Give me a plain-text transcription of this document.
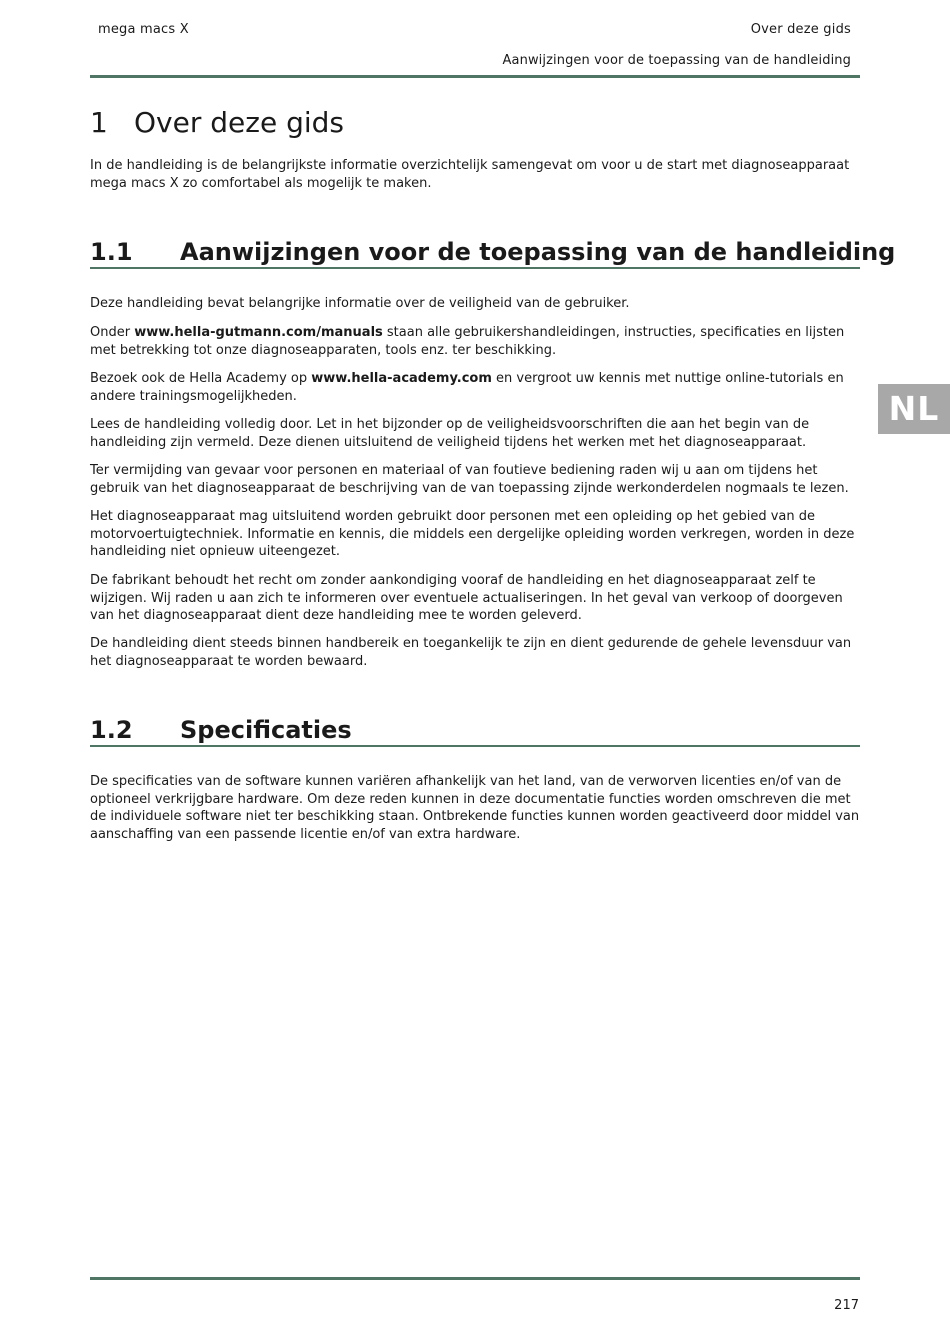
mega macs X	Over deze gids
Aanwijzingen voor de toepassing van de handleiding
1 Over deze gids

In de handleiding is de belangrijkste informatie overzichtelijk samengevat om voor u de start met diagnoseapparaat mega macs X zo comfortabel als mogelijk te maken.

1.1 Aanwijzingen voor de toepassing van de handleiding

Deze handleiding bevat belangrijke informatie over de veiligheid van de gebruiker.

Onder www.hella-gutmann.com/manuals staan alle gebruikershandleidingen, instructies, specificaties en lijsten met betrekking tot onze diagnoseapparaten, tools enz. ter beschikking.

Bezoek ook de Hella Academy op www.hella-academy.com en vergroot uw kennis met nuttige online-tutorials en andere trainingsmogelijkheden.

Lees de handleiding volledig door. Let in het bijzonder op de veiligheidsvoorschriften die aan het begin van de handleiding zijn vermeld. Deze dienen uitsluitend de veiligheid tijdens het werken met het diagnoseapparaat.

Ter vermijding van gevaar voor personen en materiaal of van foutieve bediening raden wij u aan om tijdens het gebruik van het diagnoseapparaat de beschrijving van de van toepassing zijnde werkonderdelen nogmaals te lezen.

Het diagnoseapparaat mag uitsluitend worden gebruikt door personen met een opleiding op het gebied van de motorvoertuigtechniek. Informatie en kennis, die middels een dergelijke opleiding worden verkregen, worden in deze handleiding niet opnieuw uiteengezet.

De fabrikant behoudt het recht om zonder aankondiging vooraf de handleiding en het diagnoseapparaat zelf te wijzigen. Wij raden u aan zich te informeren over eventuele actualiseringen. In het geval van verkoop of doorgeven van het diagnoseapparaat dient deze handleiding mee te worden geleverd.

De handleiding dient steeds binnen handbereik en toegankelijk te zijn en dient gedurende de gehele levensduur van het diagnoseapparaat te worden bewaard.

1.2 Specificaties

De specificaties van de software kunnen variëren afhankelijk van het land, van de verworven licenties en/of van de optioneel verkrijgbare hardware. Om deze reden kunnen in deze documentatie functies worden omschreven die met de individuele software niet ter beschikking staan. Ontbrekende functies kunnen worden geactiveerd door middel van aanschaffing van een passende licentie en/of van extra hardware.

NL
217
